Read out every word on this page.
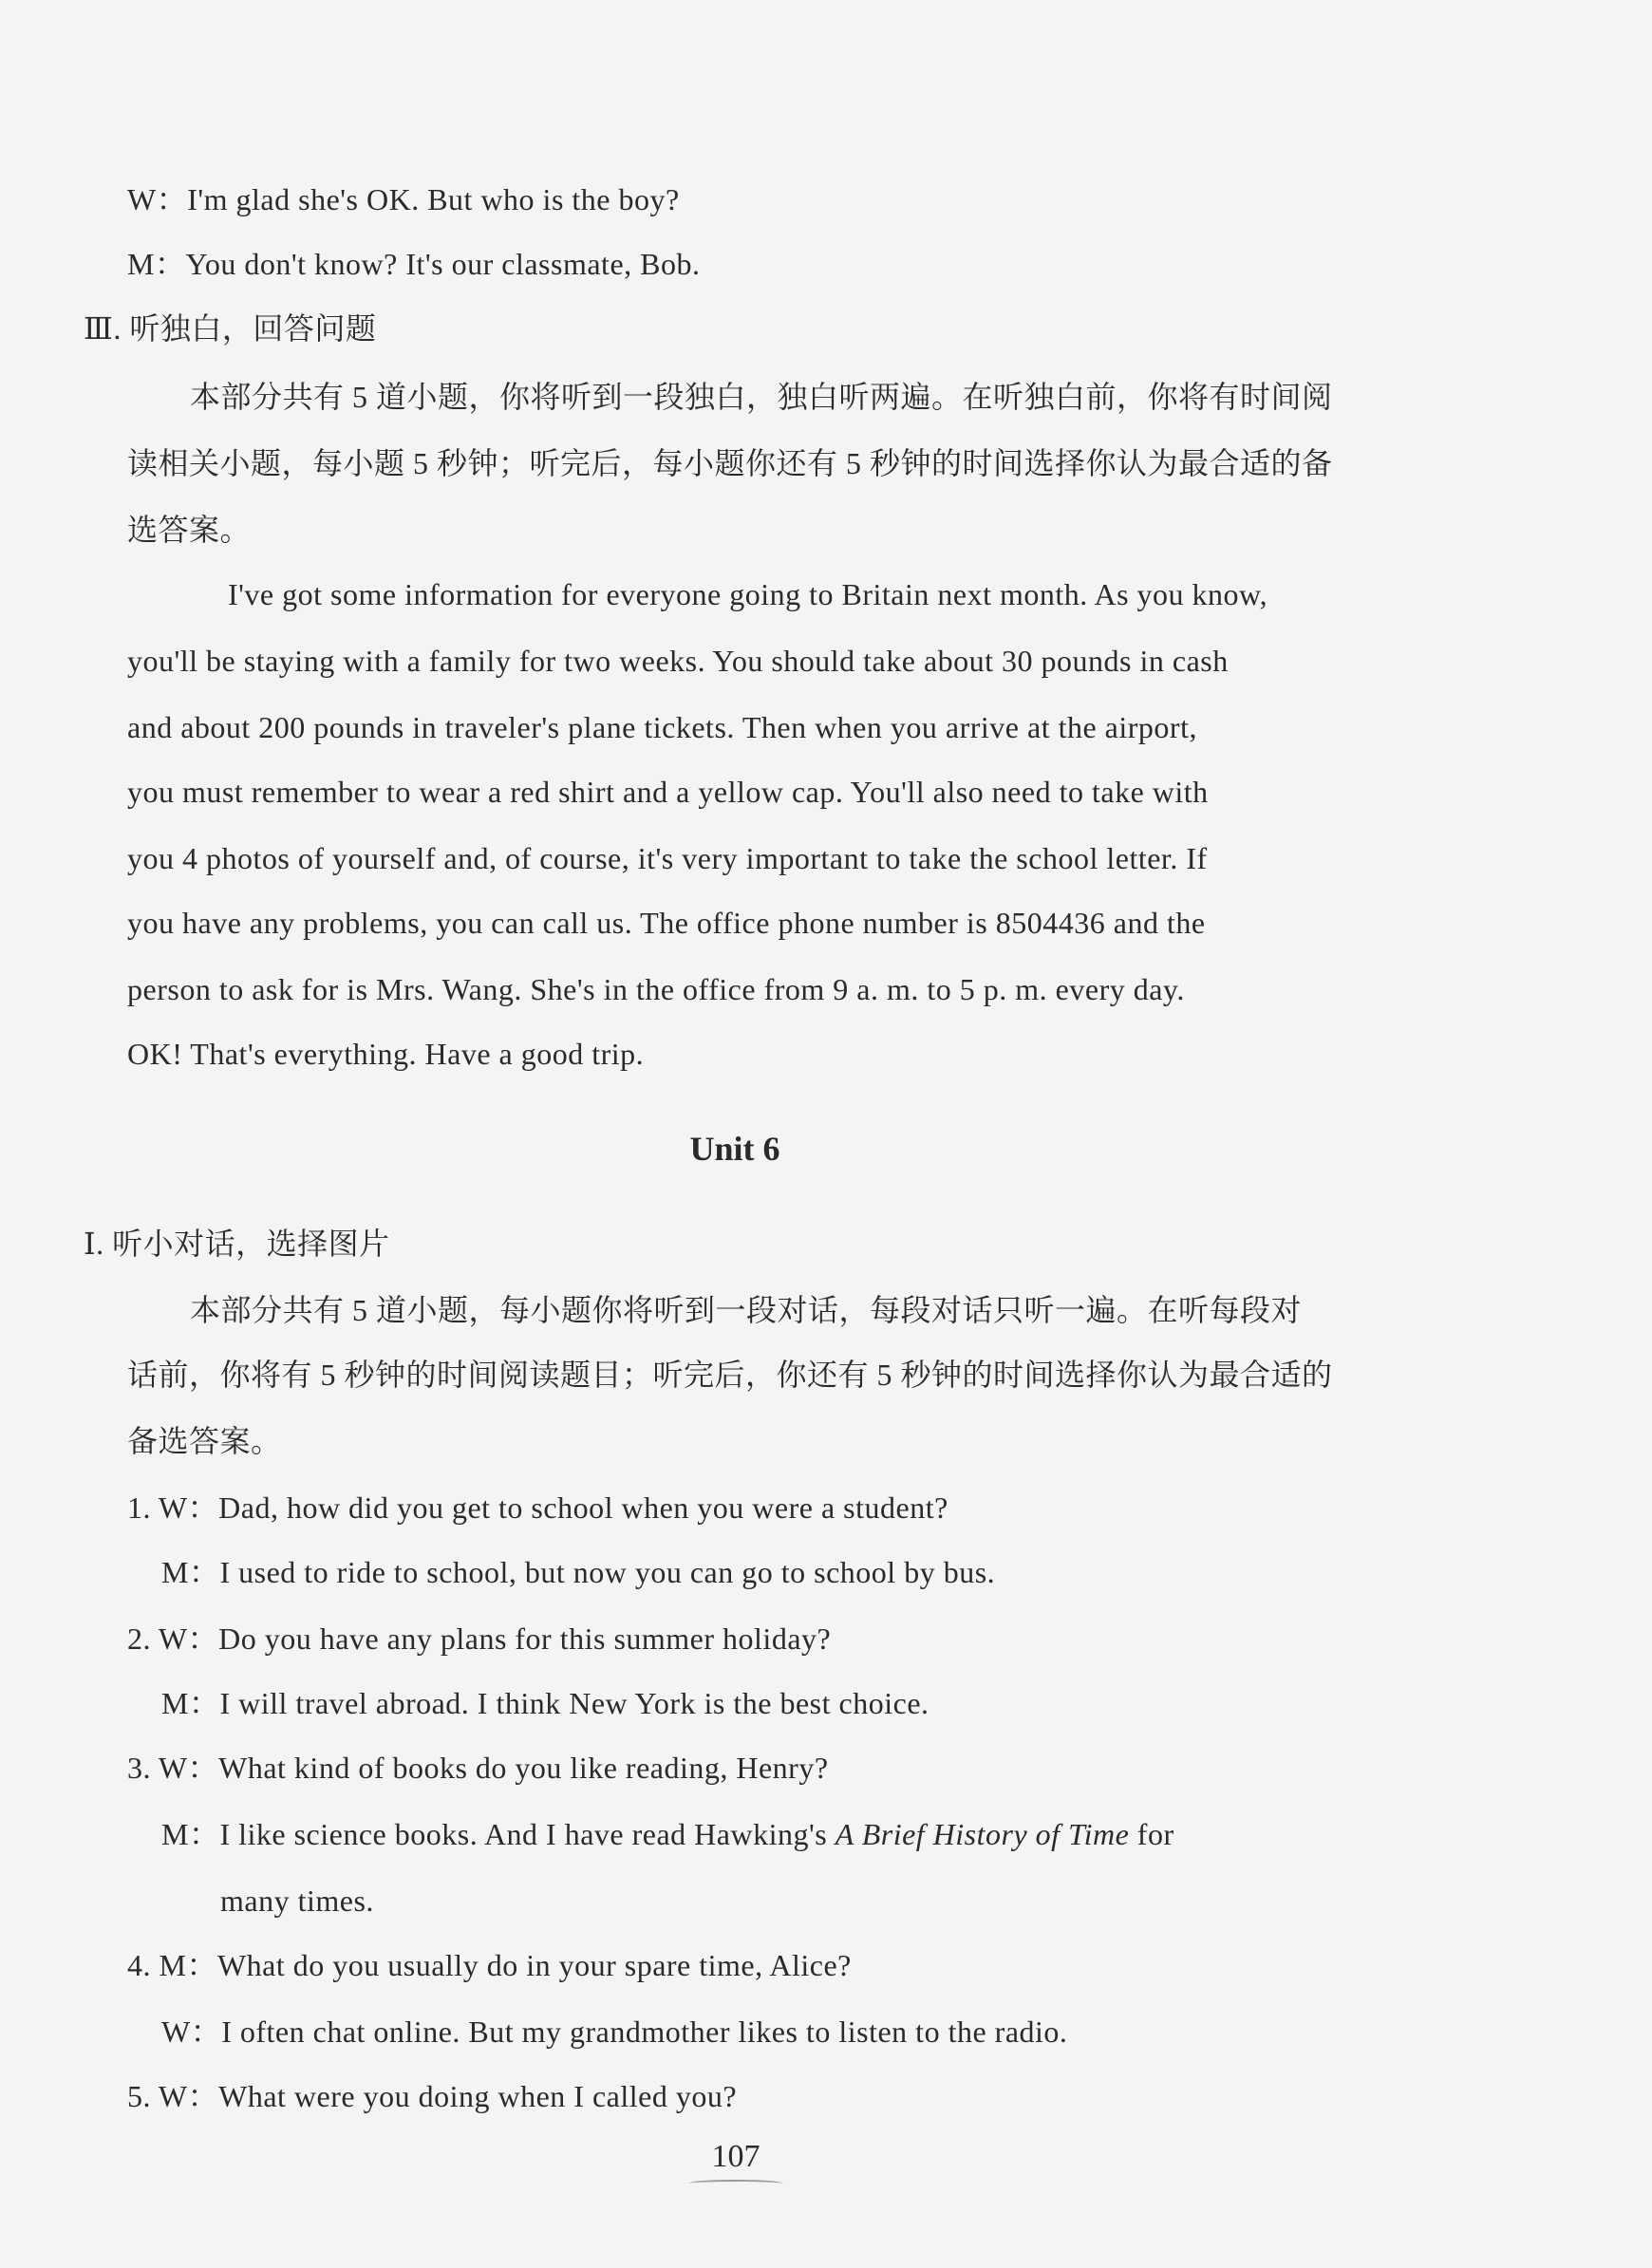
W：I'm glad she's OK. But who is the boy?
M：You don't know? It's our classmate, Bob.
Ⅲ. 听独白，回答问题
本部分共有 5 道小题，你将听到一段独白，独白听两遍。在听独白前，你将有时间阅
读相关小题，每小题 5 秒钟；听完后，每小题你还有 5 秒钟的时间选择你认为最合适的备
选答案。
I've got some information for everyone going to Britain next month. As you know,
you'll be staying with a family for two weeks. You should take about 30 pounds in cash
and about 200 pounds in traveler's plane tickets. Then when you arrive at the airport,
you must remember to wear a red shirt and a yellow cap. You'll also need to take with
you 4 photos of yourself and, of course, it's very important to take the school letter. If
you have any problems, you can call us. The office phone number is 8504436 and the
person to ask for is Mrs. Wang. She's in the office from 9 a. m. to 5 p. m. every day.
OK! That's everything. Have a good trip.
Unit 6
Ⅰ. 听小对话，选择图片
本部分共有 5 道小题，每小题你将听到一段对话，每段对话只听一遍。在听每段对
话前，你将有 5 秒钟的时间阅读题目；听完后，你还有 5 秒钟的时间选择你认为最合适的
备选答案。
1. W：Dad, how did you get to school when you were a student?
M：I used to ride to school, but now you can go to school by bus.
2. W：Do you have any plans for this summer holiday?
M：I will travel abroad. I think New York is the best choice.
3. W：What kind of books do you like reading, Henry?
M：I like science books. And I have read Hawking's A Brief History of Time for
many times.
4. M：What do you usually do in your spare time, Alice?
W：I often chat online. But my grandmother likes to listen to the radio.
5. W：What were you doing when I called you?
107
